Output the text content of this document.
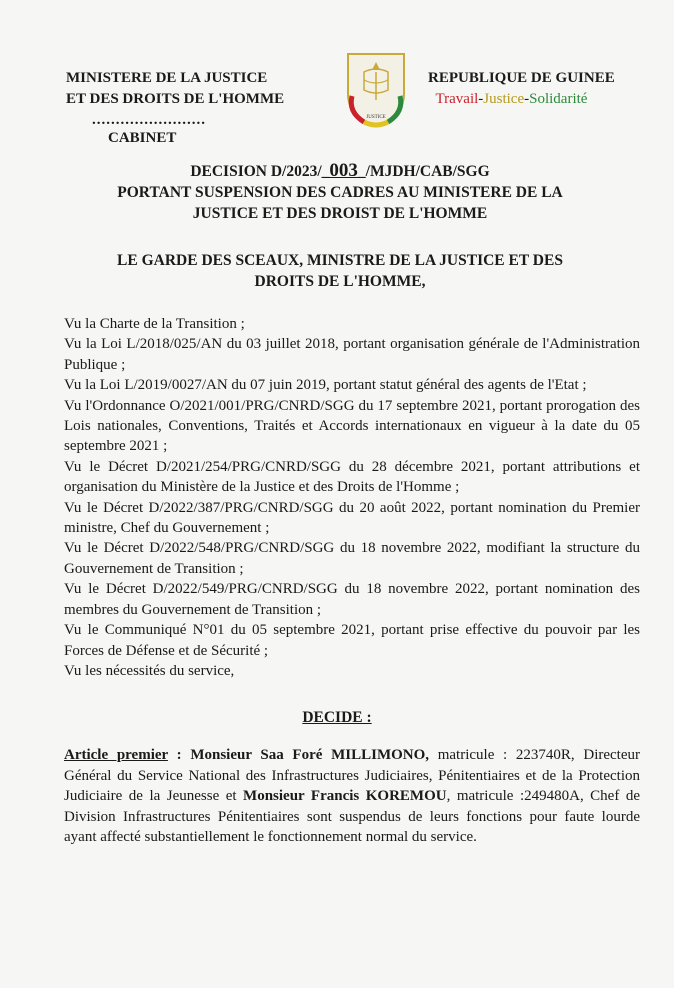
MINISTERE DE LA JUSTICE
ET DES DROITS DE L'HOMME
........................
CABINET
JUSTICE
REPUBLIQUE DE GUINEE
Travail-Justice-Solidarité
DECISION D/2023/_003_/MJDH/CAB/SGG
PORTANT SUSPENSION DES CADRES AU MINISTERE DE LA
JUSTICE ET DES DROIST DE L'HOMME
LE GARDE DES SCEAUX, MINISTRE DE LA JUSTICE ET DES
DROITS DE L'HOMME,

Vu la Charte de la Transition ;

Vu la Loi L/2018/025/AN du 03 juillet 2018, portant organisation générale de l'Administration Publique ;

Vu la Loi L/2019/0027/AN du 07 juin 2019, portant statut général des agents de l'Etat ;

Vu l'Ordonnance O/2021/001/PRG/CNRD/SGG du 17 septembre 2021, portant prorogation des Lois nationales, Conventions, Traités et Accords internationaux en vigueur à la date du 05 septembre 2021 ;

Vu le Décret D/2021/254/PRG/CNRD/SGG du 28 décembre 2021, portant attributions et organisation du Ministère de la Justice et des Droits de l'Homme ;

Vu le Décret D/2022/387/PRG/CNRD/SGG du 20 août 2022, portant nomination du Premier ministre, Chef du Gouvernement ;

Vu le Décret D/2022/548/PRG/CNRD/SGG du 18 novembre 2022, modifiant la structure du Gouvernement de Transition ;

Vu le Décret D/2022/549/PRG/CNRD/SGG du 18 novembre 2022, portant nomination des membres du Gouvernement de Transition ;

Vu le Communiqué N°01 du 05 septembre 2021, portant prise effective du pouvoir par les Forces de Défense et de Sécurité ;

Vu les nécessités du service,

DECIDE :
Article premier : Monsieur Saa Foré MILLIMONO, matricule : 223740R, Directeur Général du Service National des Infrastructures Judiciaires, Pénitentiaires et de la Protection Judiciaire de la Jeunesse et Monsieur Francis KOREMOU, matricule :249480A, Chef de Division Infrastructures Pénitentiaires sont suspendus de leurs fonctions pour faute lourde ayant affecté substantiellement le fonctionnement normal du service.
